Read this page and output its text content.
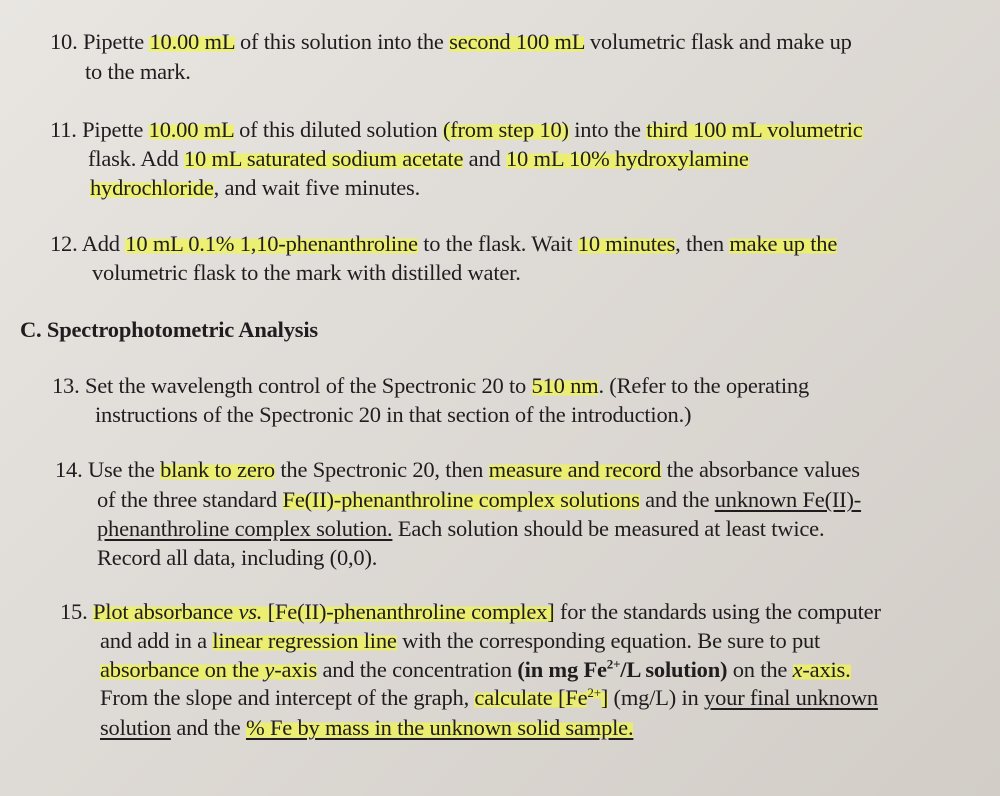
10. Pipette 10.00 mL of this solution into the second 100 mL volumetric flask and make up
to the mark.
11. Pipette 10.00 mL of this diluted solution (from step 10) into the third 100 mL volumetric
flask. Add 10 mL saturated sodium acetate and 10 mL 10% hydroxylamine
hydrochloride, and wait five minutes.
12. Add 10 mL 0.1% 1,10-phenanthroline to the flask. Wait 10 minutes, then make up the
volumetric flask to the mark with distilled water.
C. Spectrophotometric Analysis
13. Set the wavelength control of the Spectronic 20 to 510 nm. (Refer to the operating
instructions of the Spectronic 20 in that section of the introduction.)
14. Use the blank to zero the Spectronic 20, then measure and record the absorbance values
of the three standard Fe(II)-phenanthroline complex solutions and the unknown Fe(II)-
phenanthroline complex solution. Each solution should be measured at least twice.
Record all data, including (0,0).
15. Plot absorbance vs. [Fe(II)-phenanthroline complex] for the standards using the computer
and add in a linear regression line with the corresponding equation. Be sure to put
absorbance on the y-axis and the concentration (in mg $Fe^{2+}/L$ solution) on the x-axis.
From the slope and intercept of the graph, calculate $[Fe^{2+}]$ (mg/L) in your final unknown
solution and the % Fe by mass in the unknown solid sample.
